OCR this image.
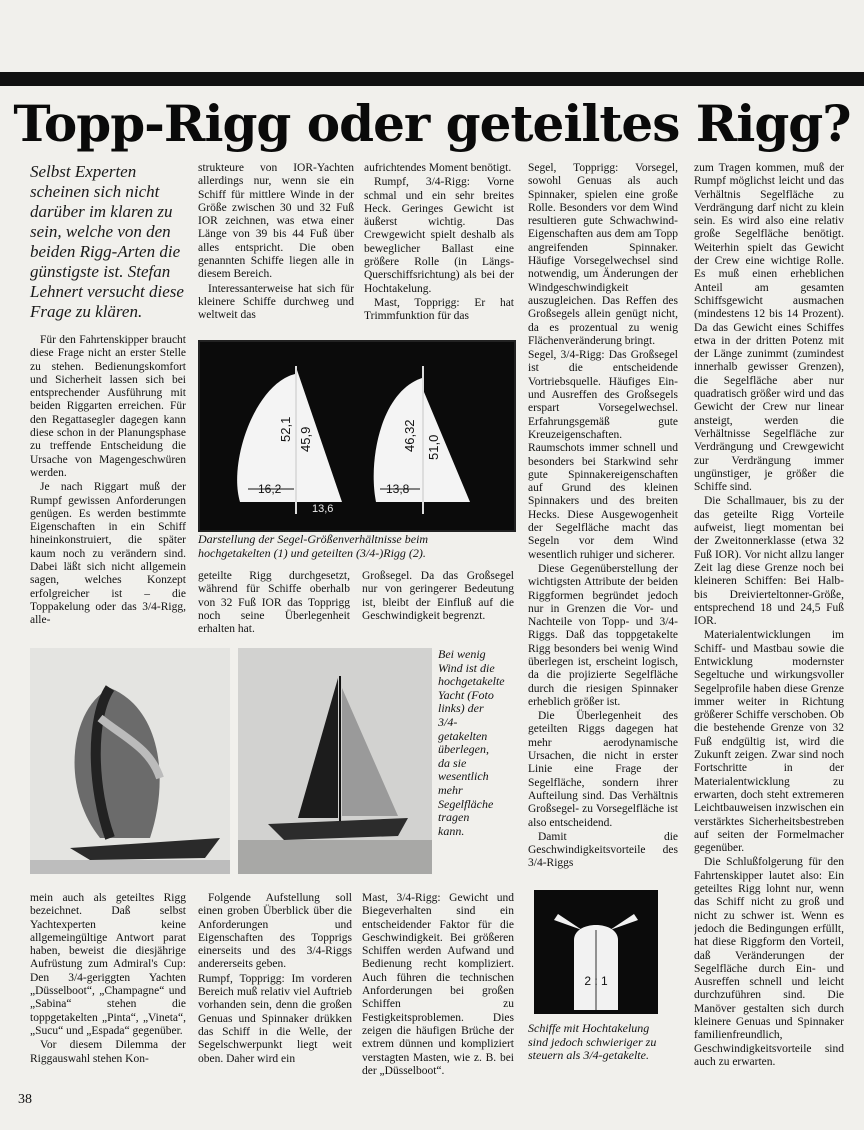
Topp-Rigg oder geteiltes Rigg?
Selbst Experten scheinen sich nicht darüber im klaren zu sein, welche von den beiden Rigg-Arten die günstigste ist. Stefan Lehnert versucht diese Frage zu klären.

Für den Fahrtenskipper braucht diese Frage nicht an erster Stelle zu stehen. Bedienungskomfort und Sicherheit lassen sich bei entsprechender Ausführung mit beiden Riggarten erreichen. Für den Regattasegler dagegen kann diese schon in der Planungsphase zu treffende Entscheidung die Ursache von Magengeschwüren werden.

Je nach Riggart muß der Rumpf gewissen Anforderungen genügen. Es werden bestimmte Eigenschaften in ein Schiff hineinkonstruiert, die später kaum noch zu verändern sind. Dabei läßt sich nicht allgemein sagen, welches Konzept erfolgreicher ist – die Toppakelung oder das 3/4-Rigg, alle-

strukteure von IOR-Yachten allerdings nur, wenn sie ein Schiff für mittlere Winde in der Größe zwischen 30 und 32 Fuß IOR zeichnen, was etwa einer Länge von 39 bis 44 Fuß über alles entspricht. Die oben genannten Schiffe liegen alle in diesem Bereich.

Interessanterweise hat sich für kleinere Schiffe durchweg und weltweit das

aufrichtendes Moment benötigt.

Rumpf, 3/4-Rigg: Vorne schmal und ein sehr breites Heck. Geringes Gewicht ist äußerst wichtig. Das Crewgewicht spielt deshalb als beweglicher Ballast eine größere Rolle (in Längs-Querschiffsrichtung) als bei der Hochtakelung.

Mast, Topprigg: Er hat Trimmfunktion für das

52,1 45,9
16,2
13,6
46,32 51,0
13,8
Darstellung der Segel-Größenverhältnisse beim hochgetakelten (1) und geteilten (3/4-)Rigg (2).

geteilte Rigg durchgesetzt, während für Schiffe oberhalb von 32 Fuß IOR das Topprigg noch seine Überlegenheit erhalten hat.

Großsegel. Da das Großsegel nur von geringerer Bedeutung ist, bleibt der Einfluß auf die Geschwindigkeit begrenzt.

Segel, Topprigg: Vorsegel, sowohl Genuas als auch Spinnaker, spielen eine große Rolle. Besonders vor dem Wind resultieren gute Schwachwind-Eigenschaften aus dem am Topp angreifenden Spinnaker. Häufige Vorsegelwechsel sind notwendig, um Änderungen der Windgeschwindigkeit auszugleichen. Das Reffen des Großsegels allein genügt nicht, da es prozentual zu wenig Flächenveränderung bringt.

Segel, 3/4-Rigg: Das Großsegel ist die entscheidende Vortriebsquelle. Häufiges Ein- und Ausreffen des Großsegels erspart Vorsegelwechsel. Erfahrungsgemäß gute Kreuzeigenschaften. Raumschots immer schnell und besonders bei Starkwind sehr gute Spinnakereigenschaften auf Grund des kleinen Spinnakers und des breiten Hecks. Diese Ausgewogenheit der Segelfläche macht das Segeln vor dem Wind wesentlich ruhiger und sicherer.

Diese Gegenüberstellung der wichtigsten Attribute der beiden Riggformen begründet jedoch nur in Grenzen die Vor- und Nachteile von Topp- und 3/4-Riggs. Daß das toppgetakelte Rigg besonders bei wenig Wind überlegen ist, erscheint logisch, da die projizierte Segelfläche durch die riesigen Spinnaker erheblich größer ist.

Die Überlegenheit des geteilten Riggs dagegen hat mehr aerodynamische Ursachen, die nicht in erster Linie eine Frage der Segelfläche, sondern ihrer Aufteilung sind. Das Verhältnis Großsegel- zu Vorsegelfläche ist also entscheidend.

Damit die Geschwindigkeitsvorteile des 3/4-Riggs

zum Tragen kommen, muß der Rumpf möglichst leicht und das Verhältnis Segelfläche zu Verdrängung darf nicht zu klein sein. Es wird also eine relativ große Segelfläche benötigt. Weiterhin spielt das Gewicht der Crew eine wichtige Rolle. Es muß einen erheblichen Anteil am gesamten Schiffsgewicht ausmachen (mindestens 12 bis 14 Prozent). Da das Gewicht eines Schiffes etwa in der dritten Potenz mit der Länge zunimmt (zumindest innerhalb gewisser Grenzen), die Segelfläche aber nur quadratisch größer wird und das Gewicht der Crew nur linear ansteigt, werden die Verhältnisse Segelfläche zur Verdrängung und Crewgewicht zur Verdrängung immer ungünstiger, je größer die Schiffe sind.

Die Schallmauer, bis zu der das geteilte Rigg Vorteile aufweist, liegt momentan bei der Zweitonnerklasse (etwa 32 Fuß IOR). Vor nicht allzu langer Zeit lag diese Grenze noch bei kleineren Schiffen: Bei Halb- bis Dreivierteltonner-Größe, entsprechend 18 und 24,5 Fuß IOR.

Materialentwicklungen im Schiff- und Mastbau sowie die Entwicklung modernster Segeltuche und wirkungsvoller Segelprofile haben diese Grenze immer weiter in Richtung größerer Schiffe verschoben. Ob die bestehende Grenze von 32 Fuß endgültig ist, wird die Zukunft zeigen. Zwar sind noch Fortschritte in der Materialentwicklung zu erwarten, doch steht extremeren Leichtbauweisen inzwischen ein verstärktes Sicherheitsbestreben auf seiten der Formelmacher gegenüber.

Die Schlußfolgerung für den Fahrtenskipper lautet also: Ein geteiltes Rigg lohnt nur, wenn das Schiff nicht zu groß und nicht zu schwer ist. Wenn es jedoch die Bedingungen erfüllt, hat diese Riggform den Vorteil, daß Veränderungen der Segelfläche durch Ein- und Ausreffen schnell und leicht durchzuführen sind. Die Manöver gestalten sich durch kleinere Genuas und Spinnaker familienfreundlich, Geschwindigkeitsvorteile sind auch zu erwarten.

Bei wenig Wind ist die hochgetakelte Yacht (Foto links) der 3/4-getakelten überlegen, da sie wesentlich mehr Segelfläche tragen kann.

mein auch als geteiltes Rigg bezeichnet. Daß selbst Yachtexperten keine allgemeingültige Antwort parat haben, beweist die diesjährige Aufrüstung zum Admiral's Cup: Den 3/4-geriggten Yachten „Düsselboot“, „Champagne“ und „Sabina“ stehen die toppgetakelten „Pinta“, „Vineta“, „Sucu“ und „Espada“ gegenüber.

Vor diesem Dilemma der Riggauswahl stehen Kon-

Folgende Aufstellung soll einen groben Überblick über die Anforderungen und Eigenschaften des Topprigs einerseits und des 3/4-Riggs andererseits geben.

Rumpf, Topprigg: Im vorderen Bereich muß relativ viel Auftrieb vorhanden sein, denn die großen Genuas und Spinnaker drükken das Schiff in die Welle, der Segelschwerpunkt liegt weit oben. Daher wird ein

Mast, 3/4-Rigg: Gewicht und Biegeverhalten sind ein entscheidender Faktor für die Geschwindigkeit. Bei größeren Schiffen werden Aufwand und Bedienung recht kompliziert. Auch führen die technischen Anforderungen bei großen Schiffen zu Festigkeitsproblemen. Dies zeigen die häufigen Brüche der extrem dünnen und kompliziert verstagten Masten, wie z. B. bei der „Düsselboot“.

2 : 1
Schiffe mit Hochtakelung sind jedoch schwieriger zu steuern als 3/4-getakelte.
38
